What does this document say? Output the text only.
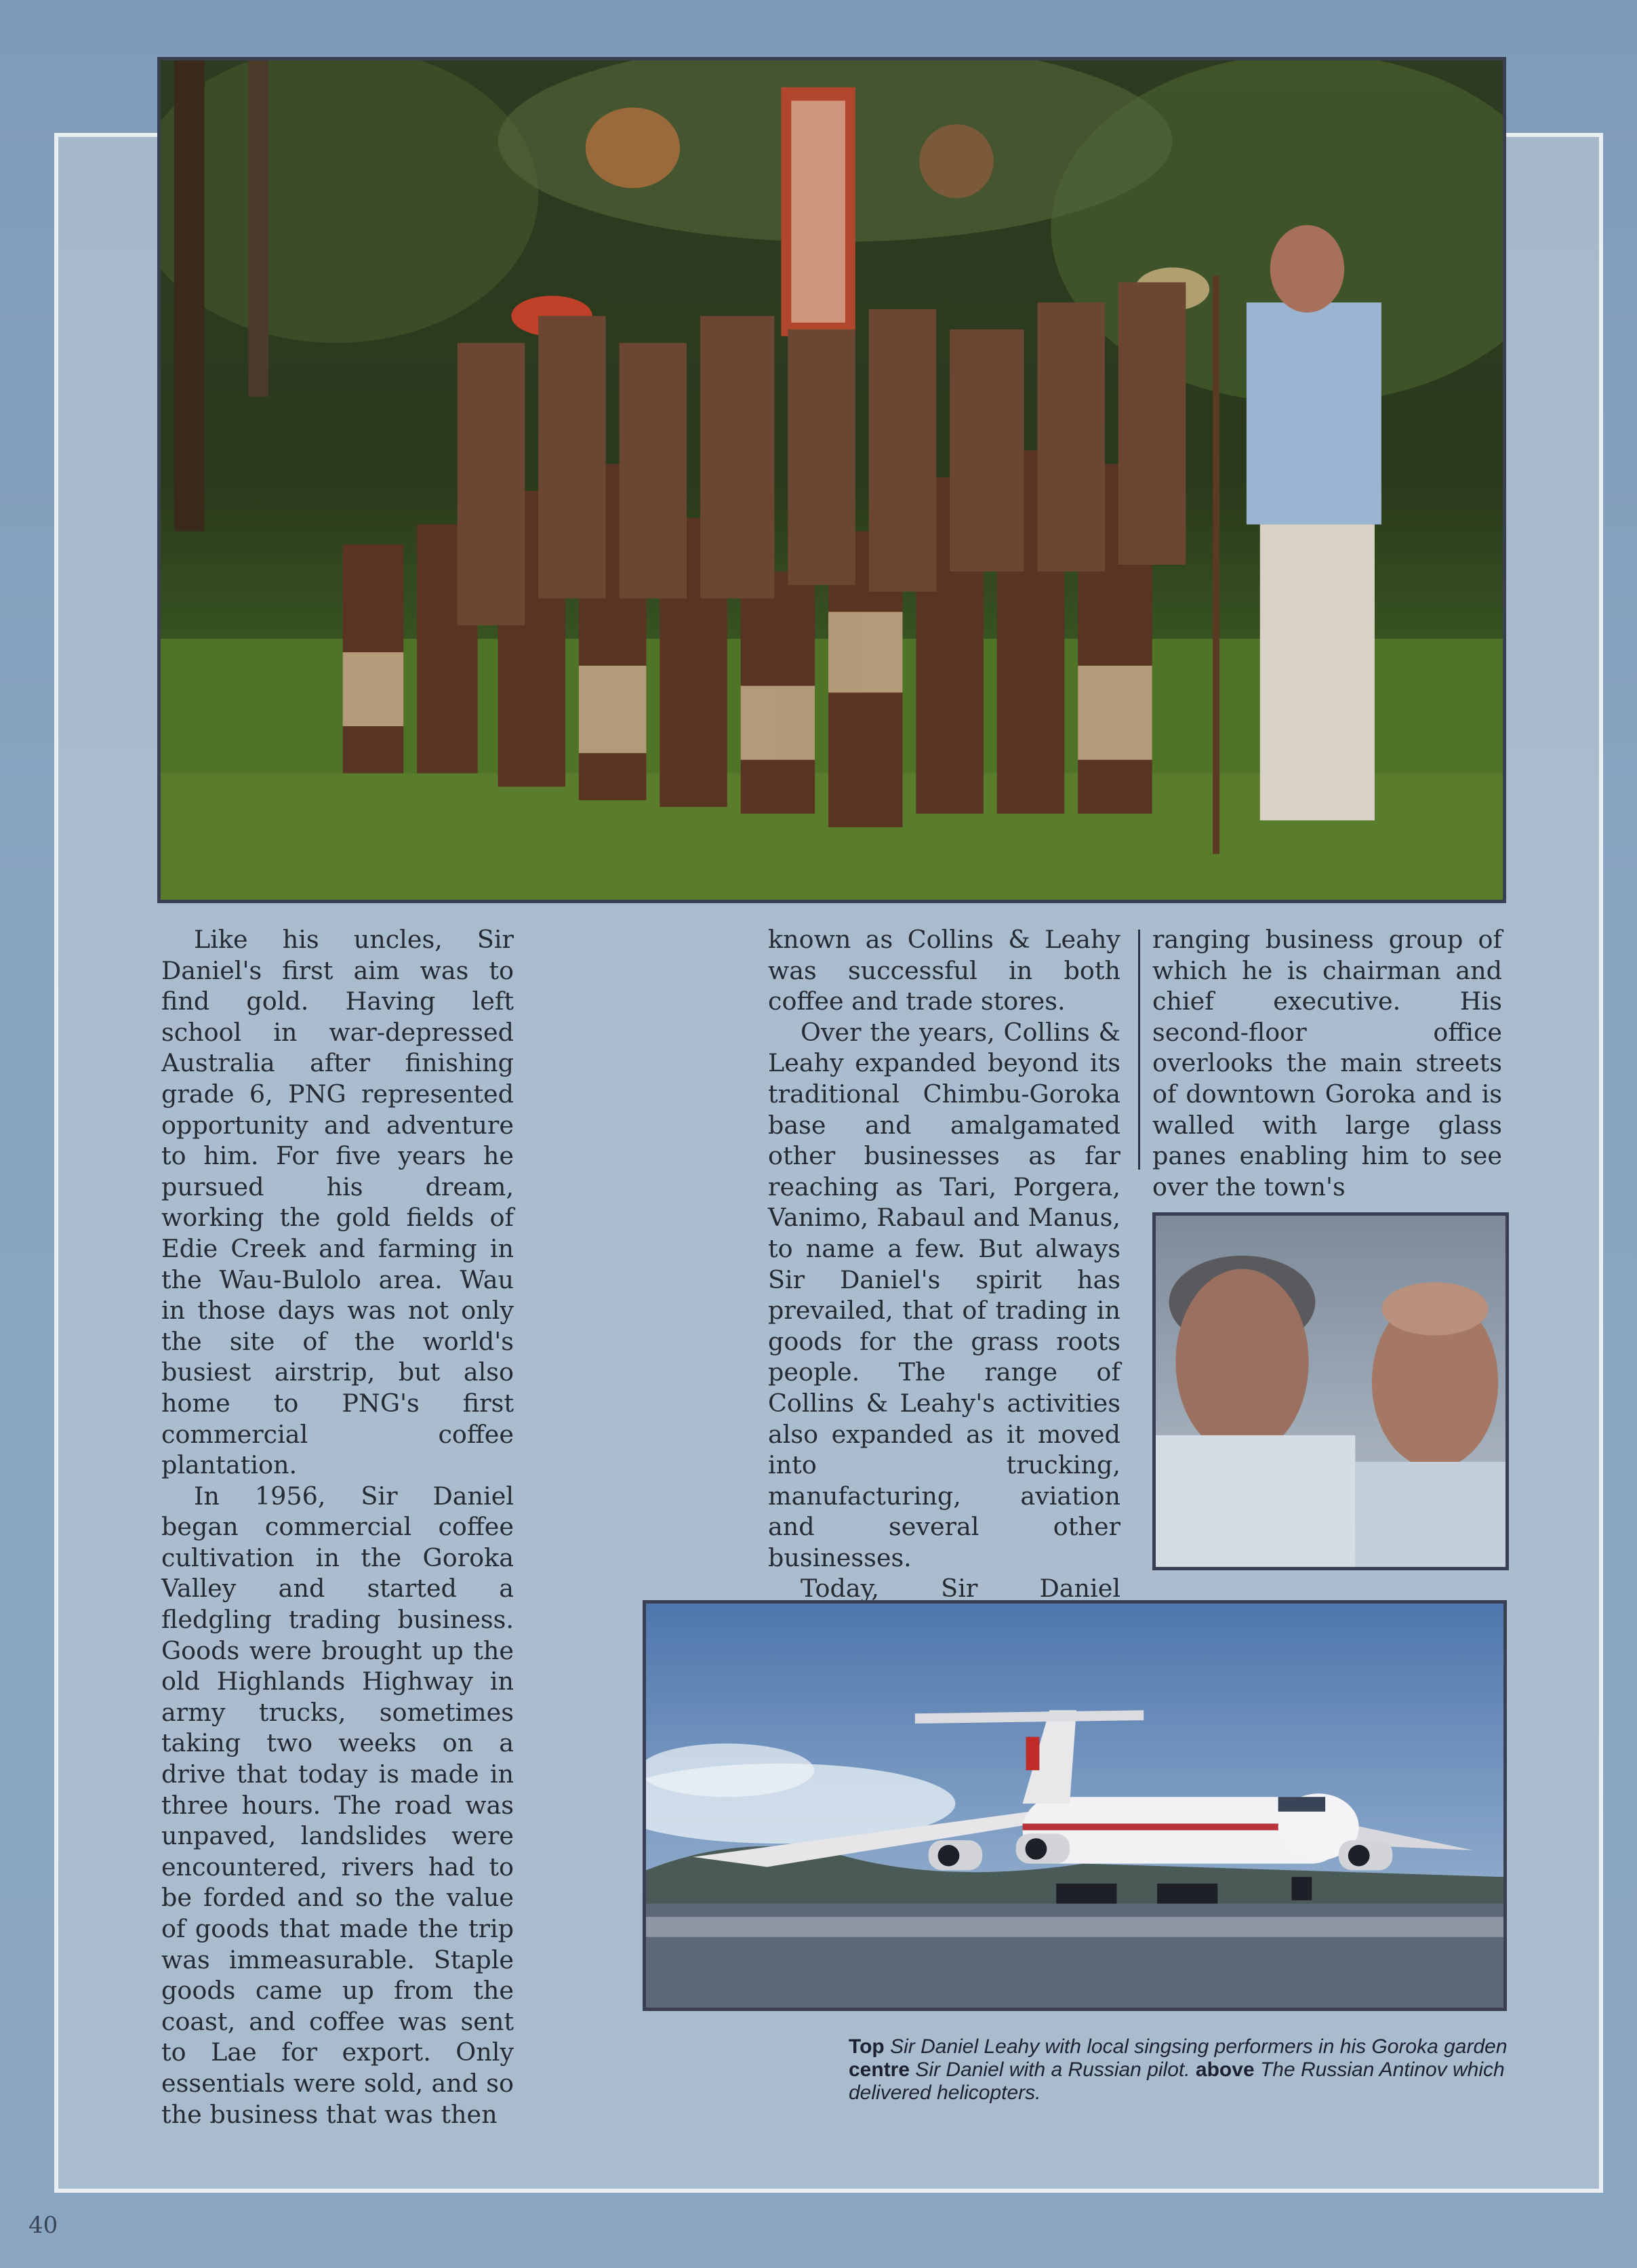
Like his uncles, Sir Daniel's first aim was to find gold. Having left school in war-depressed Australia after finishing grade 6, PNG represented opportunity and adventure to him. For five years he pursued his dream, working the gold fields of Edie Creek and farming in the Wau-Bulolo area. Wau in those days was not only the site of the world's busiest airstrip, but also home to PNG's first commercial coffee plantation.

In 1956, Sir Daniel began commercial coffee cultivation in the Goroka Valley and started a fledgling trading business. Goods were brought up the old Highlands Highway in army trucks, sometimes taking two weeks on a drive that today is made in three hours. The road was unpaved, landslides were encountered, rivers had to be forded and so the value of goods that made the trip was immeasurable. Staple goods came up from the coast, and coffee was sent to Lae for export. Only essentials were sold, and so the business that was then

known as Collins & Leahy was successful in both coffee and trade stores.

Over the years, Collins & Leahy expanded beyond its traditional Chimbu-Goroka base and amalgamated other businesses as far reaching as Tari, Porgera, Vanimo, Rabaul and Manus, to name a few. But always Sir Daniel's spirit has prevailed, that of trading in goods for the grass roots people. The range of Collins & Leahy's activities also expanded as it moved into trucking, manufacturing, aviation and several other businesses.

Today, Sir Daniel

ranging business group of which he is chairman and chief executive. His second-floor office overlooks the main streets of downtown Goroka and is walled with large glass panes enabling him to see over the town's

Top Sir Daniel Leahy with local singsing performers in his Goroka garden centre Sir Daniel with a Russian pilot. above The Russian Antinov which delivered helicopters.
40
